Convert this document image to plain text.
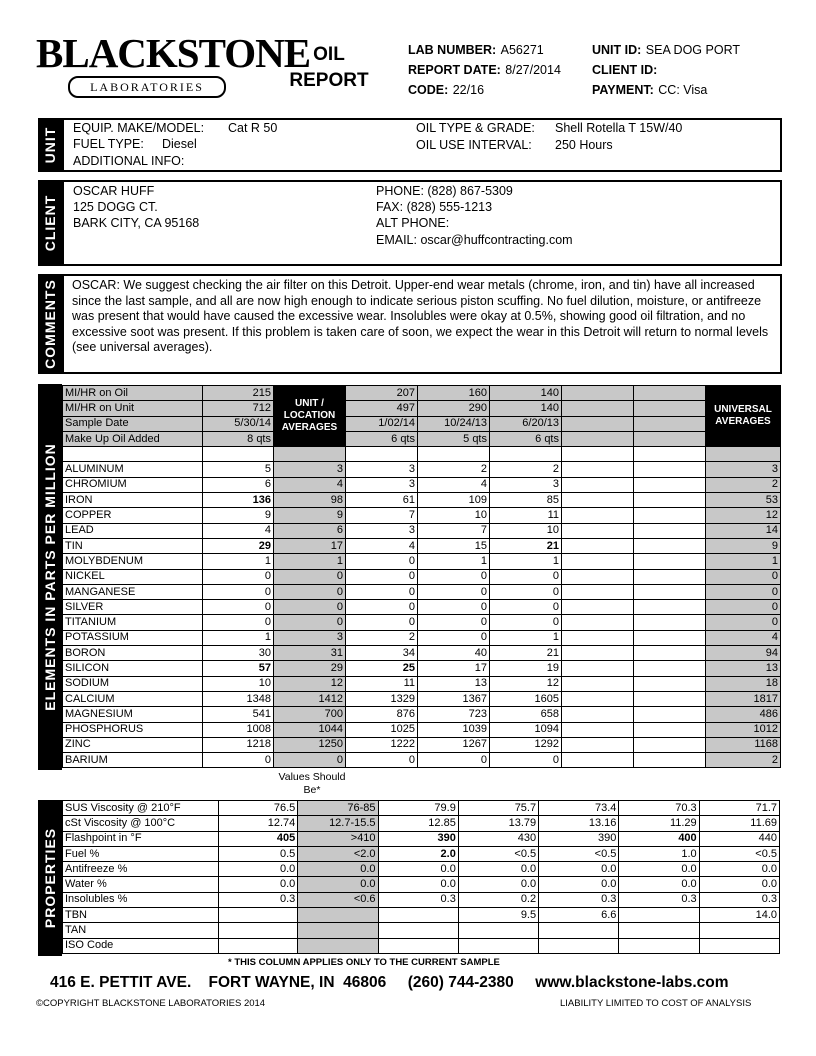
BLACKSTONE
LABORATORIES
OIL
REPORT
LAB NUMBER: A56271
REPORT DATE: 8/27/2014
CODE: 22/16
UNIT ID: SEA DOG PORT
CLIENT ID:
PAYMENT: CC: Visa
UNIT EQUIP. MAKE/MODEL: Cat R 50
FUEL TYPE: Diesel
ADDITIONAL INFO:
OIL TYPE & GRADE: Shell Rotella T 15W/40
OIL USE INTERVAL: 250 Hours
CLIENT
OSCAR HUFF
125 DOGG CT.
BARK CITY, CA 95168
PHONE: (828) 867-5309
FAX: (828) 555-1213
ALT PHONE:
EMAIL: oscar@huffcontracting.com
COMMENTS OSCAR: We suggest checking the air filter on this Detroit. Upper-end wear metals (chrome, iron, and tin) have all increased since the last sample, and all are now high enough to indicate serious piston scuffing. No fuel dilution, moisture, or antifreeze was present that would have caused the excessive wear. Insolubles were okay at 0.5%, showing good oil filtration, and no excessive soot was present. If this problem is taken care of soon, we expect the wear in this Detroit will return to normal levels (see universal averages).
ELEMENTS IN PARTS PER MILLION
MI/HR on Oil	215	UNIT / LOCATION AVERAGES	207	160	140			UNIVERSAL AVERAGES
MI/HR on Unit	712		497	290	140			
Sample Date	5/30/14		1/02/14	10/24/13	6/20/13			
Make Up Oil Added	8 qts		6 qts	5 qts	6 qts			

ALUMINUM	5	3	3	2	2			3
CHROMIUM	6	4	3	4	3			2
IRON	136	98	61	109	85			53
COPPER	9	9	7	10	11			12
LEAD	4	6	3	7	10			14
TIN	29	17	4	15	21			9
MOLYBDENUM	1	1	0	1	1			1
NICKEL	0	0	0	0	0			0
MANGANESE	0	0	0	0	0			0
SILVER	0	0	0	0	0			0
TITANIUM	0	0	0	0	0			0
POTASSIUM	1	3	2	0	1			4
BORON	30	31	34	40	21			94
SILICON	57	29	25	17	19			13
SODIUM	10	12	11	13	12			18
CALCIUM	1348	1412	1329	1367	1605			1817
MAGNESIUM	541	700	876	723	658			486
PHOSPHORUS	1008	1044	1025	1039	1094			1012
ZINC	1218	1250	1222	1267	1292			1168
BARIUM	0	0	0	0	0			2
Values Should Be*
PROPERTIES
SUS Viscosity @ 210°F	76.5	76-85	79.9	75.7	73.4	70.3	71.7
cSt Viscosity @ 100°C	12.74	12.7-15.5	12.85	13.79	13.16	11.29	11.69
Flashpoint in °F	405	>410	390	430	390	400	440
Fuel %	0.5	<2.0	2.0	<0.5	<0.5	1.0	<0.5
Antifreeze %	0.0	0.0	0.0	0.0	0.0	0.0	0.0
Water %	0.0	0.0	0.0	0.0	0.0	0.0	0.0
Insolubles %	0.3	<0.6	0.3	0.2	0.3	0.3	0.3
TBN				9.5	6.6		14.0
TAN							
ISO Code							
* THIS COLUMN APPLIES ONLY TO THE CURRENT SAMPLE
416 E. PETTIT AVE.    FORT WAYNE, IN  46806     (260) 744-2380     www.blackstone-labs.com
©COPYRIGHT BLACKSTONE LABORATORIES 2014	LIABILITY LIMITED TO COST OF ANALYSIS
